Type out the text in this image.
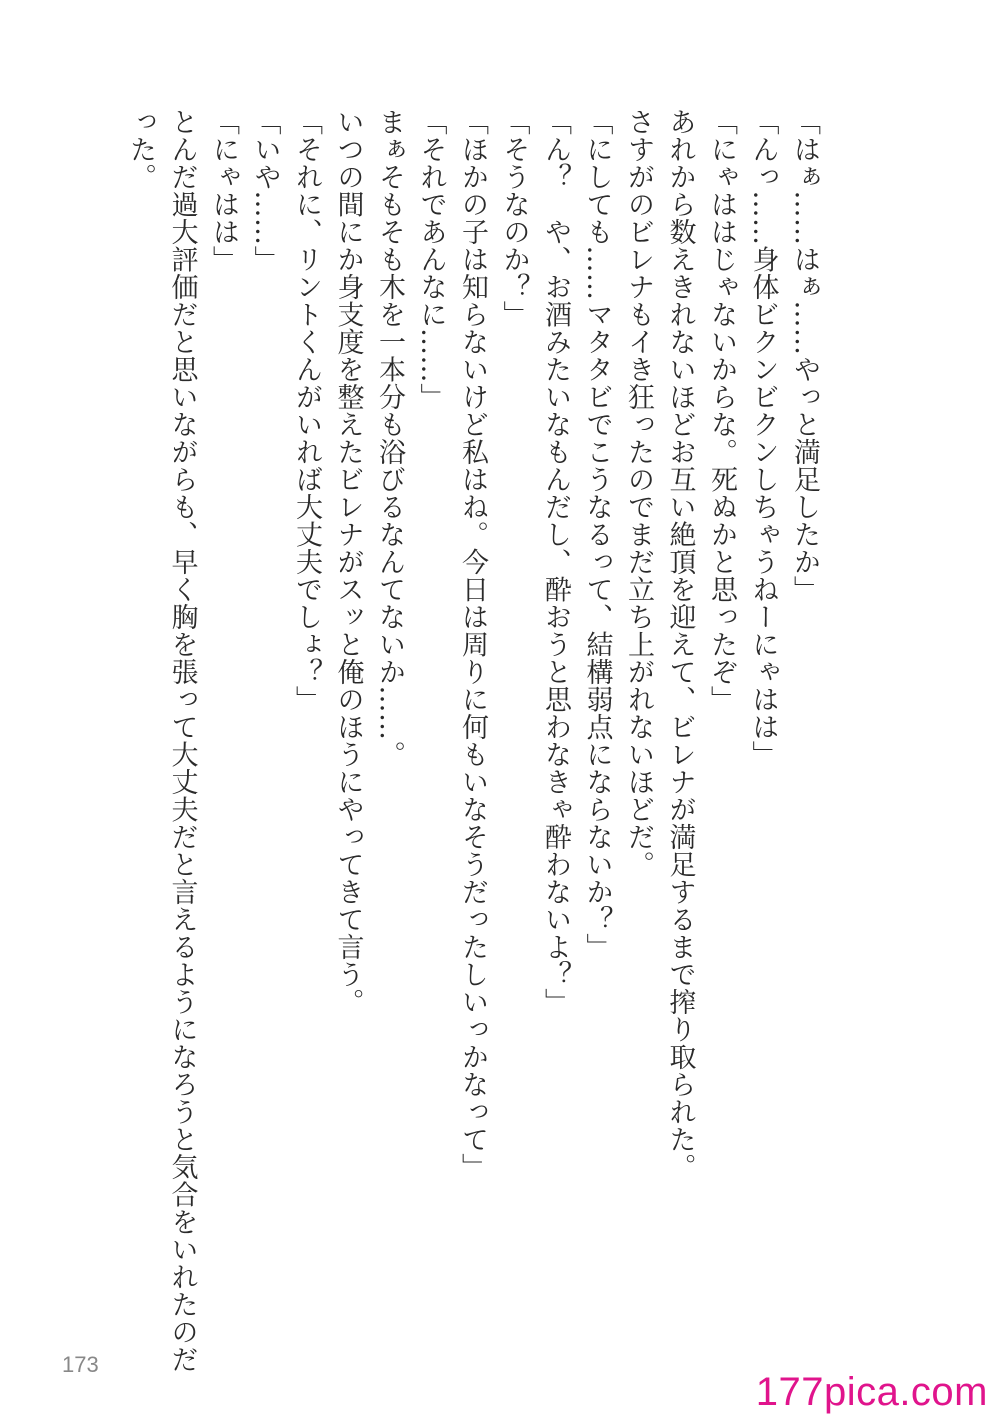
「はぁ……はぁ……やっと満足したか」
「んっ……身体ビクンビクンしちゃうねーにゃはは」
「にゃははじゃないからな。死ぬかと思ったぞ」
あれから数えきれないほどお互い絶頂を迎えて、ビレナが満足するまで搾り取られた。
さすがのビレナもイき狂ったのでまだ立ち上がれないほどだ。
「にしても……マタタビでこうなるって、結構弱点にならないか？」
「ん？　や、お酒みたいなもんだし、酔おうと思わなきゃ酔わないよ？」
「そうなのか？」
「ほかの子は知らないけど私はね。今日は周りに何もいなそうだったしいっかなって」
「それであんなに……」
まぁそもそも木を一本分も浴びるなんてないか……。
いつの間にか身支度を整えたビレナがスッと俺のほうにやってきて言う。
「それに、リントくんがいれば大丈夫でしょ？」
「いや……」
「にゃはは」
とんだ過大評価だと思いながらも、早く胸を張って大丈夫だと言えるようになろうと気合をいれたのだ
った。
173
177pica.com
